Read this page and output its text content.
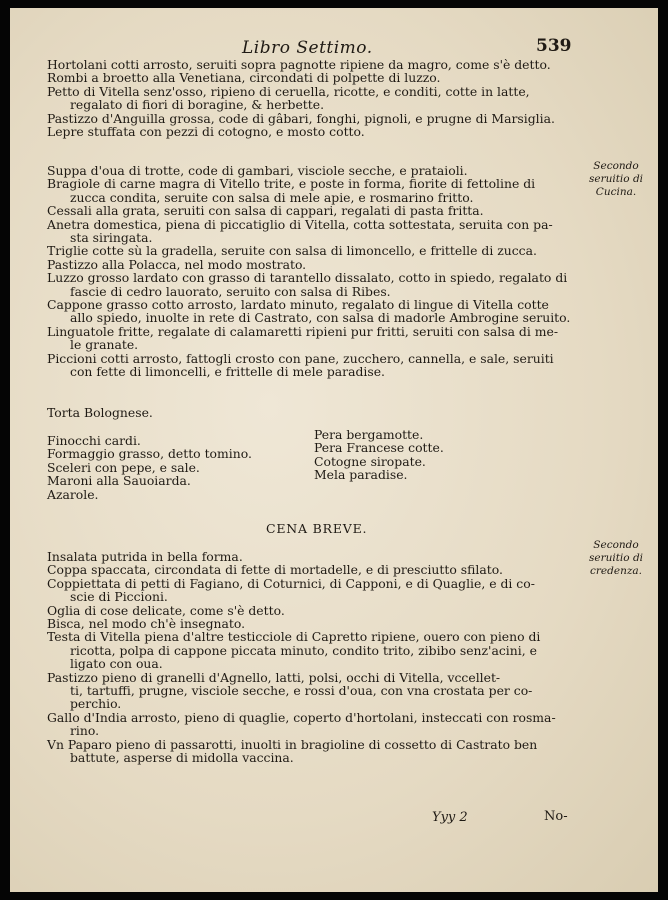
Libro Settimo.	539
Hortolani cotti arrosto, seruiti sopra pagnotte ripiene da magro, come s'è detto.
Rombi a broetto alla Venetiana, circondati di polpette di luzzo.
Petto di Vitella senz'osso, ripieno di ceruella, ricotte, e conditi, cotte in latte,
regalato di fiori di boragine, & herbette.
Pastizzo d'Anguilla grossa, code di gâbari, fonghi, pignoli, e prugne di Marsiglia.
Lepre stuffata con pezzi di cotogno, e mosto cotto.
Suppa d'oua di trotte, code di gambari, visciole secche, e prataioli.
Bragiole di carne magra di Vitello trite, e poste in forma, fiorite di fettoline di
zucca condita, seruite con salsa di mele apie, e rosmarino fritto.
Cessali alla grata, seruiti con salsa di cappari, regalati di pasta fritta.
Anetra domestica, piena di piccatiglio di Vitella, cotta sottestata, seruita con pa-
sta siringata.
Triglie cotte sù la gradella, seruite con salsa di limoncello, e frittelle di zucca.
Pastizzo alla Polacca, nel modo mostrato.
Luzzo grosso lardato con grasso di tarantello dissalato, cotto in spiedo, regalato di
fascie di cedro lauorato, seruito con salsa di Ribes.
Cappone grasso cotto arrosto, lardato minuto, regalato di lingue di Vitella cotte
allo spiedo, inuolte in rete di Castrato, con salsa di madorle Ambrogine seruito.
Linguatole fritte, regalate di calamaretti ripieni pur fritti, seruiti con salsa di me-
le granate.
Piccioni cotti arrosto, fattogli crosto con pane, zucchero, cannella, e sale, seruiti
con fette di limoncelli, e frittelle di mele paradise.
Torta Bolognese.
Finocchi cardi.
Formaggio grasso, detto tomino.
Sceleri con pepe, e sale.
Maroni alla Sauoiarda.
Azarole.
Pera bergamotte.
Pera Francese cotte.
Cotogne siropate.
Mela paradise.
CENA BREVE.
Insalata putrida in bella forma.
Coppa spaccata, circondata di fette di mortadelle, e di presciutto sfilato.
Coppiettata di petti di Fagiano, di Coturnici, di Capponi, e di Quaglie, e di co-
scie di Piccioni.
Oglia di cose delicate, come s'è detto.
Bisca, nel modo ch'è insegnato.
Testa di Vitella piena d'altre testicciole di Capretto ripiene, ouero con pieno di
ricotta, polpa di cappone piccata minuto, condito trito, zibibo senz'acini, e
ligato con oua.
Pastizzo pieno di granelli d'Agnello, latti, polsi, occhi di Vitella, vccellet-
ti, tartuffi, prugne, visciole secche, e rossi d'oua, con vna crostata per co-
perchio.
Gallo d'India arrosto, pieno di quaglie, coperto d'hortolani, insteccati con rosma-
rino.
Vn Paparo pieno di passarotti, inuolti in bragioline di cossetto di Castrato ben
battute, asperse di midolla vaccina.
Secondo
seruitio di
Cucina.
Secondo
seruitio di
credenza.
Yyy 2	No-
